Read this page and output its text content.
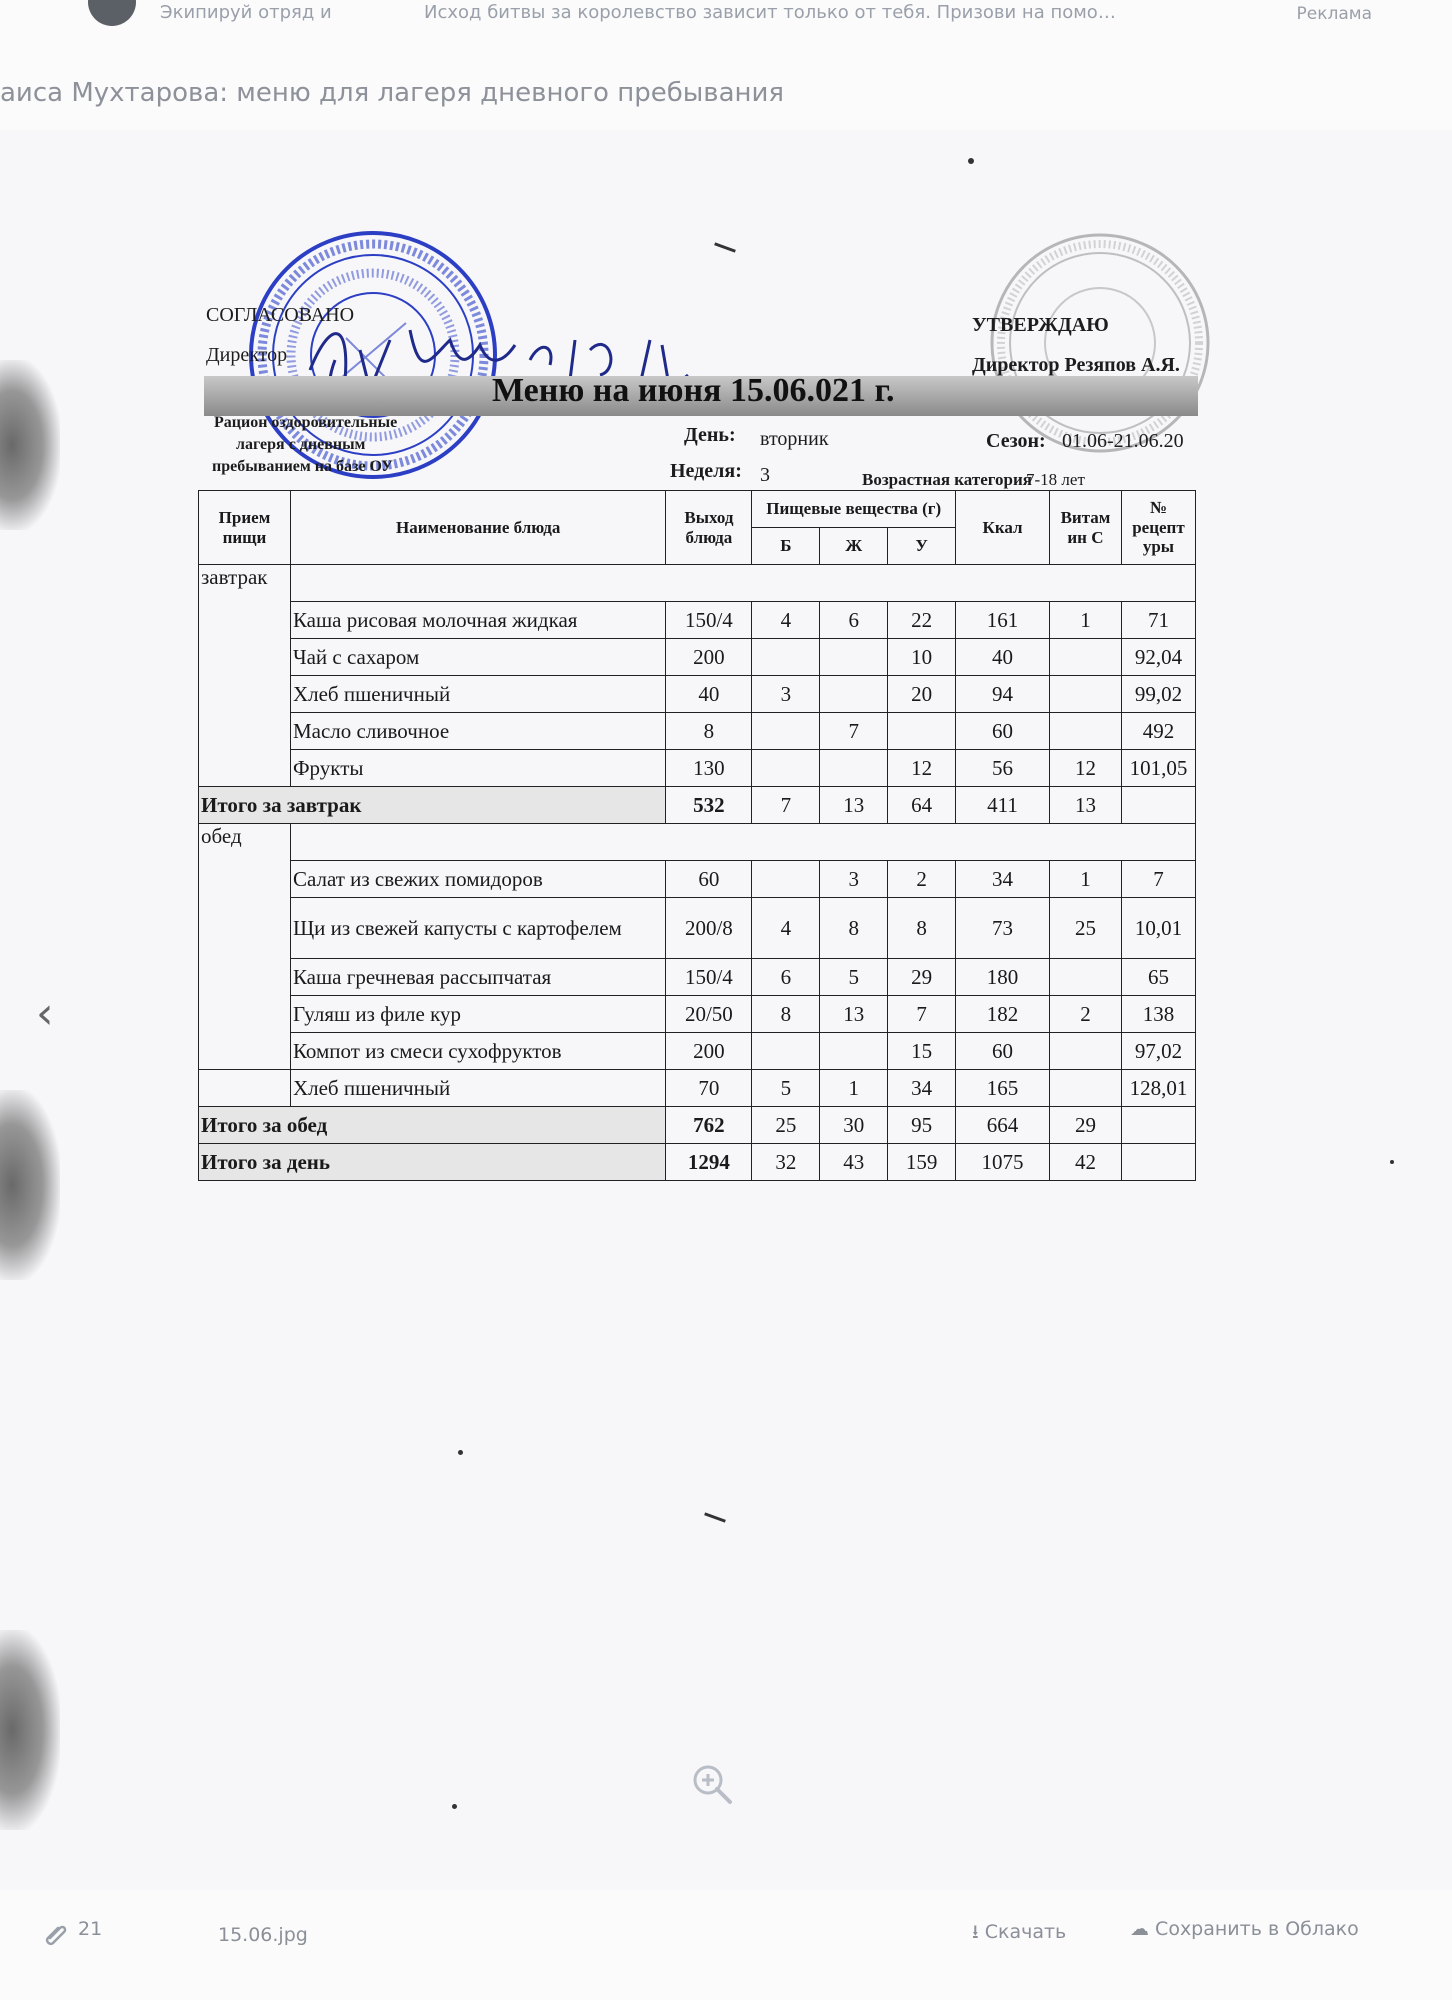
Экипируй отряд и	Исход битвы за королевство зависит только от тебя. Призови на помо…	Реклама
аиса Мухтарова: меню для лагеря дневного пребывания
СОГЛАСОВАНО
Директор
УТВЕРЖДАЮ
Директор Резяпов А.Я.
Меню на июня 15.06.021 г.
Рацион оздоровительные
лагеря с дневным
пребыванием на базе ОУ
День: вторник	Сезон: 01.06-21.06.20
Неделя: 3	Возрастная категория
7-18 лет
Прием пищи	Наименование блюда	Выход блюда	Пищевые вещества (г)			Ккал	Витам ин С	№ рецепт уры
			Б	Ж	У			
завтрак								
	Каша рисовая молочная жидкая	150/4	4	6	22	161	1	71
	Чай с сахаром	200			10	40		92,04
	Хлеб пшеничный	40	3		20	94		99,02
	Масло сливочное	8		7		60		492
	Фрукты	130			12	56	12	101,05
Итого за завтрак		532	7	13	64	411	13	
обед								
	Салат из свежих помидоров	60		3	2	34	1	7
	Щи из свежей капусты с картофелем	200/8	4	8	8	73	25	10,01
	Каша гречневая рассыпчатая	150/4	6	5	29	180		65
	Гуляш из филе кур	20/50	8	13	7	182	2	138
	Компот из смеси сухофруктов	200			15	60		97,02
	Хлеб пшеничный	70	5	1	34	165		128,01
Итого за обед		762	25	30	95	664	29	
Итого за день		1294	32	43	159	1075	42	
‹
21	15.06.jpg	⭳ Скачать	☁ Сохранить в Облако
